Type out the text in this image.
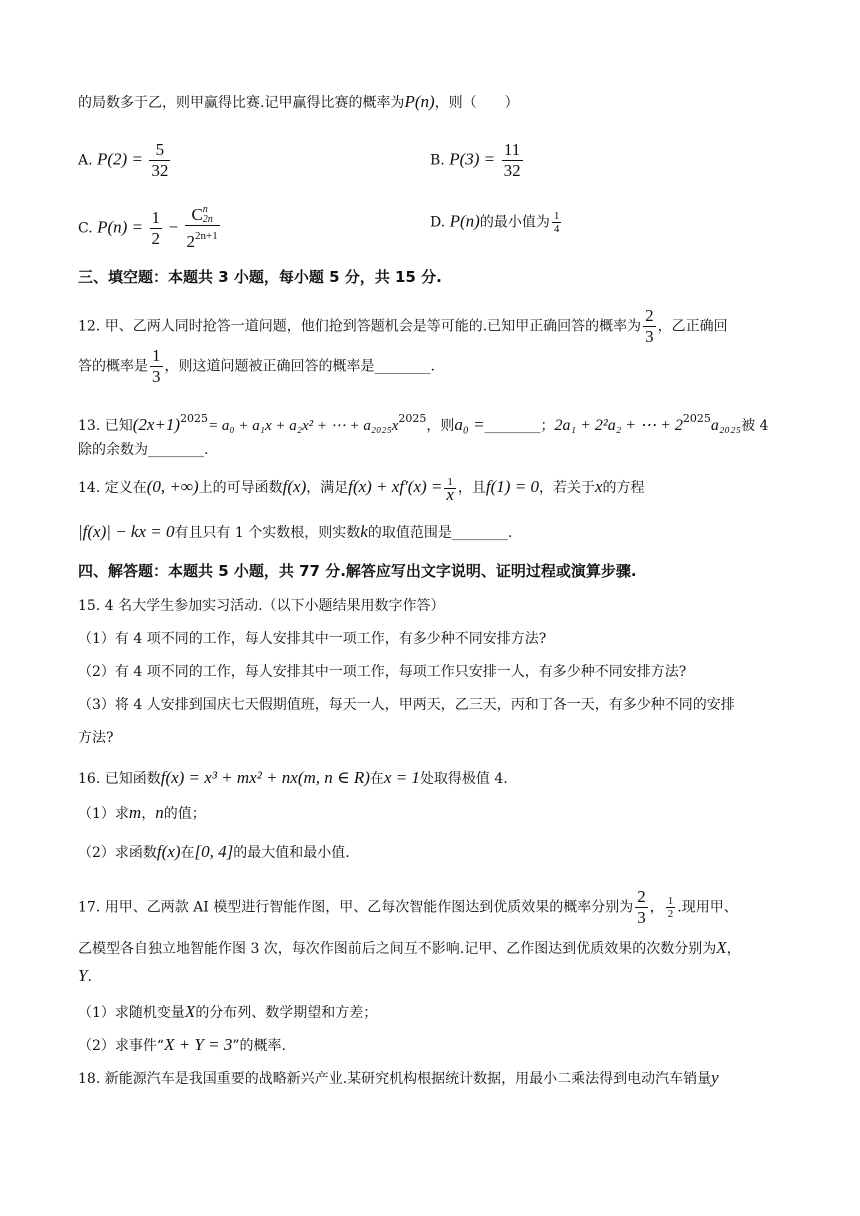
的局数多于乙，则甲赢得比赛.记甲赢得比赛的概率为P(n)，则（　　）
A. $P(2) = \frac{5}{32}$	B. $P(3) = \frac{11}{32}$
C. $P(n) = \frac{1}{2} - C$ n
2n
$2^{2n+1}$	D. P(n)的最小值为 $\frac{1}{4}$
三、填空题：本题共 3 小题，每小题 5 分，共 15 分.
12. 甲、乙两人同时抢答一道问题，他们抢到答题机会是等可能的.已知甲正确回答的概率为 $\frac{2}{3}$ ，乙正确回
答的概率是 $\frac{1}{3}$ ，则这道问题被正确回答的概率是________.
13. 已知$(2x+1)^{2025}= a_0 + a_1x + a_2x^2$ + ⋯ + $a_{2025}x^{2025}$，则a₀ =________；2a₁ + 2²a₂ + ⋯ + $2^{2025}a_{2025}$被 4
除的余数为________.
14. 定义在(0, +∞)上的可导函数f(x)，满足$f(x) + xf'(x) = \frac{1}{x}$ ，且f(1) = 0，若关于x的方程
|f(x)| − kx = 0有且只有 1 个实数根，则实数k的取值范围是________.
四、解答题：本题共 5 小题，共 77 分.解答应写出文字说明、证明过程或演算步骤.
15. 4 名大学生参加实习活动.（以下小题结果用数字作答）
（1）有 4 项不同的工作，每人安排其中一项工作，有多少种不同安排方法?
（2）有 4 项不同的工作，每人安排其中一项工作，每项工作只安排一人，有多少种不同安排方法?
（3）将 4 人安排到国庆七天假期值班，每天一人，甲两天，乙三天，丙和丁各一天，有多少种不同的安排
方法?
16. 已知函数f(x) = x³ + mx² + nx(m, n ∈ R)在x = 1处取得极值 4.
（1）求m，n的值；
（2）求函数f(x)在[0, 4]的最大值和最小值.
17. 用甲、乙两款 AI 模型进行智能作图，甲、乙每次智能作图达到优质效果的概率分别为 $\frac{2}{3}$ ， $\frac{1}{2}$ .现用甲、
乙模型各自独立地智能作图 3 次，每次作图前后之间互不影响.记甲、乙作图达到优质效果的次数分别为X，
Y.
（1）求随机变量X的分布列、数学期望和方差；
（2）求事件“X + Y = 3”的概率.
18. 新能源汽车是我国重要的战略新兴产业.某研究机构根据统计数据，用最小二乘法得到电动汽车销量y
